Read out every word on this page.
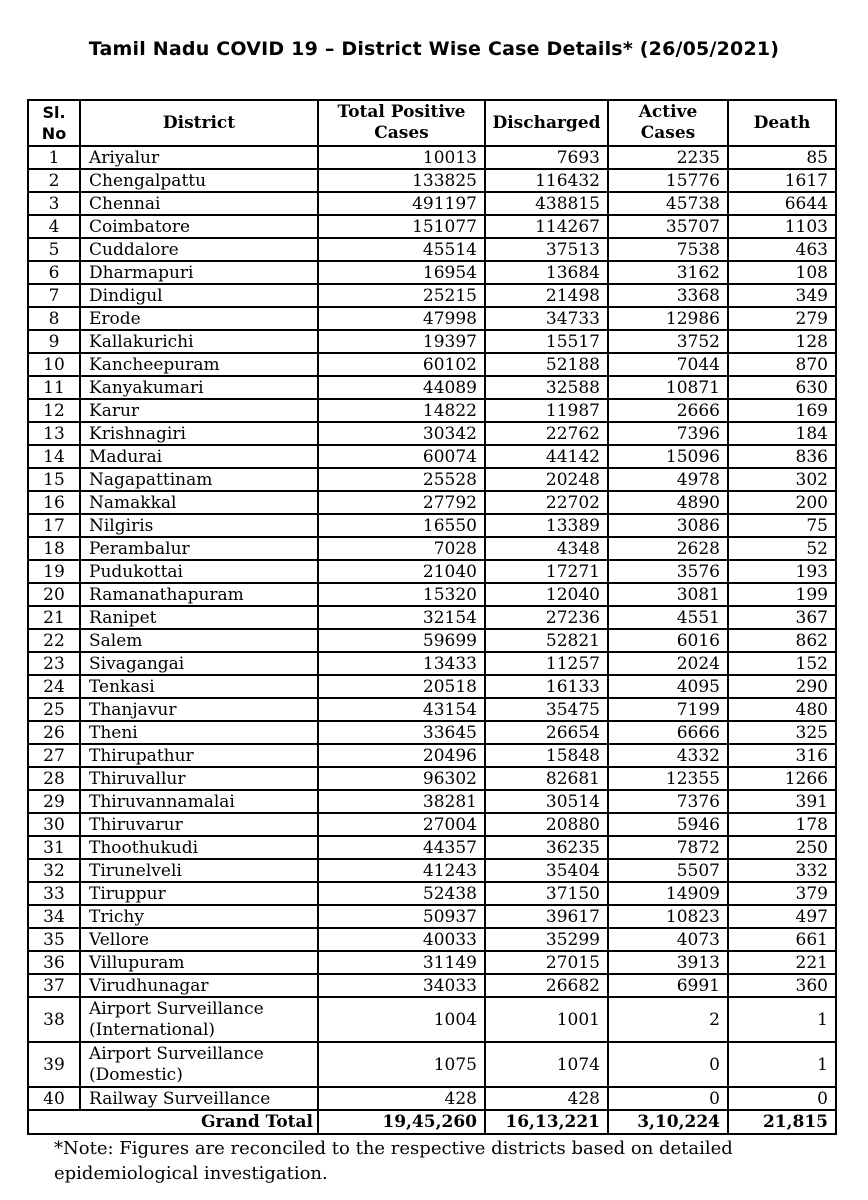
Tamil Nadu COVID 19 – District Wise Case Details* (26/05/2021)
Sl. No	District	Total Positive Cases	Discharged	Active Cases	Death
1	Ariyalur	10013	7693	2235	85
2	Chengalpattu	133825	116432	15776	1617
3	Chennai	491197	438815	45738	6644
4	Coimbatore	151077	114267	35707	1103
5	Cuddalore	45514	37513	7538	463
6	Dharmapuri	16954	13684	3162	108
7	Dindigul	25215	21498	3368	349
8	Erode	47998	34733	12986	279
9	Kallakurichi	19397	15517	3752	128
10	Kancheepuram	60102	52188	7044	870
11	Kanyakumari	44089	32588	10871	630
12	Karur	14822	11987	2666	169
13	Krishnagiri	30342	22762	7396	184
14	Madurai	60074	44142	15096	836
15	Nagapattinam	25528	20248	4978	302
16	Namakkal	27792	22702	4890	200
17	Nilgiris	16550	13389	3086	75
18	Perambalur	7028	4348	2628	52
19	Pudukottai	21040	17271	3576	193
20	Ramanathapuram	15320	12040	3081	199
21	Ranipet	32154	27236	4551	367
22	Salem	59699	52821	6016	862
23	Sivagangai	13433	11257	2024	152
24	Tenkasi	20518	16133	4095	290
25	Thanjavur	43154	35475	7199	480
26	Theni	33645	26654	6666	325
27	Thirupathur	20496	15848	4332	316
28	Thiruvallur	96302	82681	12355	1266
29	Thiruvannamalai	38281	30514	7376	391
30	Thiruvarur	27004	20880	5946	178
31	Thoothukudi	44357	36235	7872	250
32	Tirunelveli	41243	35404	5507	332
33	Tiruppur	52438	37150	14909	379
34	Trichy	50937	39617	10823	497
35	Vellore	40033	35299	4073	661
36	Villupuram	31149	27015	3913	221
37	Virudhunagar	34033	26682	6991	360
38	Airport Surveillance (International)	1004	1001	2	1
39	Airport Surveillance (Domestic)	1075	1074	0	1
40	Railway Surveillance	428	428	0	0
Grand Total		19,45,260	16,13,221	3,10,224	21,815
*Note: Figures are reconciled to the respective districts based on detailed epidemiological investigation.
